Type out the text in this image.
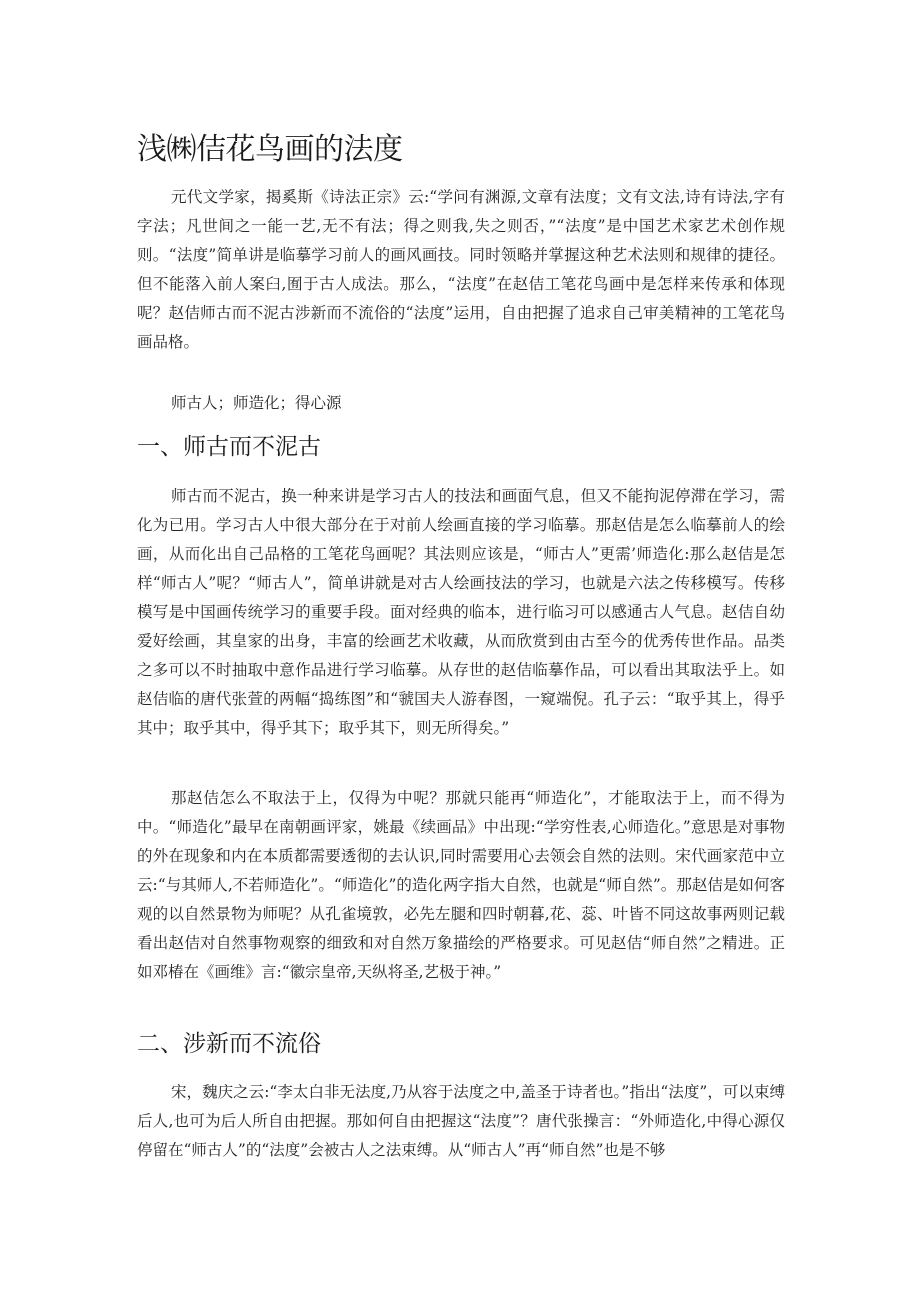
浅㈱佶花鸟画的法度

元代文学家，揭奚斯《诗法正宗》云:“学问有渊源,文章有法度；文有文法,诗有诗法,字有字法；凡世间之一能一艺,无不有法；得之则我,失之则否，”“法度”是中国艺术家艺术创作规则。“法度”简单讲是临摹学习前人的画风画技。同时领略并掌握这种艺术法则和规律的捷径。但不能落入前人案臼,囿于古人成法。那么，“法度”在赵佶工笔花鸟画中是怎样来传承和体现呢？赵佶师古而不泥古涉新而不流俗的“法度”运用，自由把握了追求自己审美精神的工笔花鸟画品格。

师古人；师造化；得心源

一、师古而不泥古

师古而不泥古，换一种来讲是学习古人的技法和画面气息，但又不能拘泥停滞在学习，需化为已用。学习古人中很大部分在于对前人绘画直接的学习临摹。那赵佶是怎么临摹前人的绘画，从而化出自己品格的工笔花鸟画呢？其法则应该是，“师古人”更需’师造化:那么赵佶是怎样“师古人”呢？“师古人”，简单讲就是对古人绘画技法的学习，也就是六法之传移模写。传移模写是中国画传统学习的重要手段。面对经典的临本，进行临习可以感通古人气息。赵佶自幼爱好绘画，其皇家的出身，丰富的绘画艺术收藏，从而欣赏到由古至今的优秀传世作品。品类之多可以不时抽取中意作品进行学习临摹。从存世的赵佶临摹作品，可以看出其取法乎上。如赵佶临的唐代张萱的两幅“捣练图”和“虢国夫人游春图，一窥端倪。孔子云：“取乎其上，得乎其中；取乎其中，得乎其下；取乎其下，则无所得矣。”

那赵佶怎么不取法于上，仅得为中呢？那就只能再“师造化”，才能取法于上，而不得为中。“师造化”最早在南朝画评家，姚最《续画品》中出现:“学穷性表,心师造化。”意思是对事物的外在现象和内在本质都需要透彻的去认识,同时需要用心去领会自然的法则。宋代画家范中立云:“与其师人,不若师造化”。“师造化”的造化两字指大自然，也就是“师自然”。那赵佶是如何客观的以自然景物为师呢？从孔雀境敦，必先左腿和四时朝暮,花、蕊、叶皆不同这故事两则记载看出赵佶对自然事物观察的细致和对自然万象描绘的严格要求。可见赵佶“师自然”之精进。正如邓椿在《画维》言:“徽宗皇帝,天纵将圣,艺极于神。”

二、涉新而不流俗

宋，魏庆之云:“李太白非无法度,乃从容于法度之中,盖圣于诗者也。”指出“法度”，可以束缚后人,也可为后人所自由把握。那如何自由把握这“法度”？唐代张操言：“外师造化,中得心源仅停留在“师古人”的“法度”会被古人之法束缚。从“师古人”再“师自然”也是不够
